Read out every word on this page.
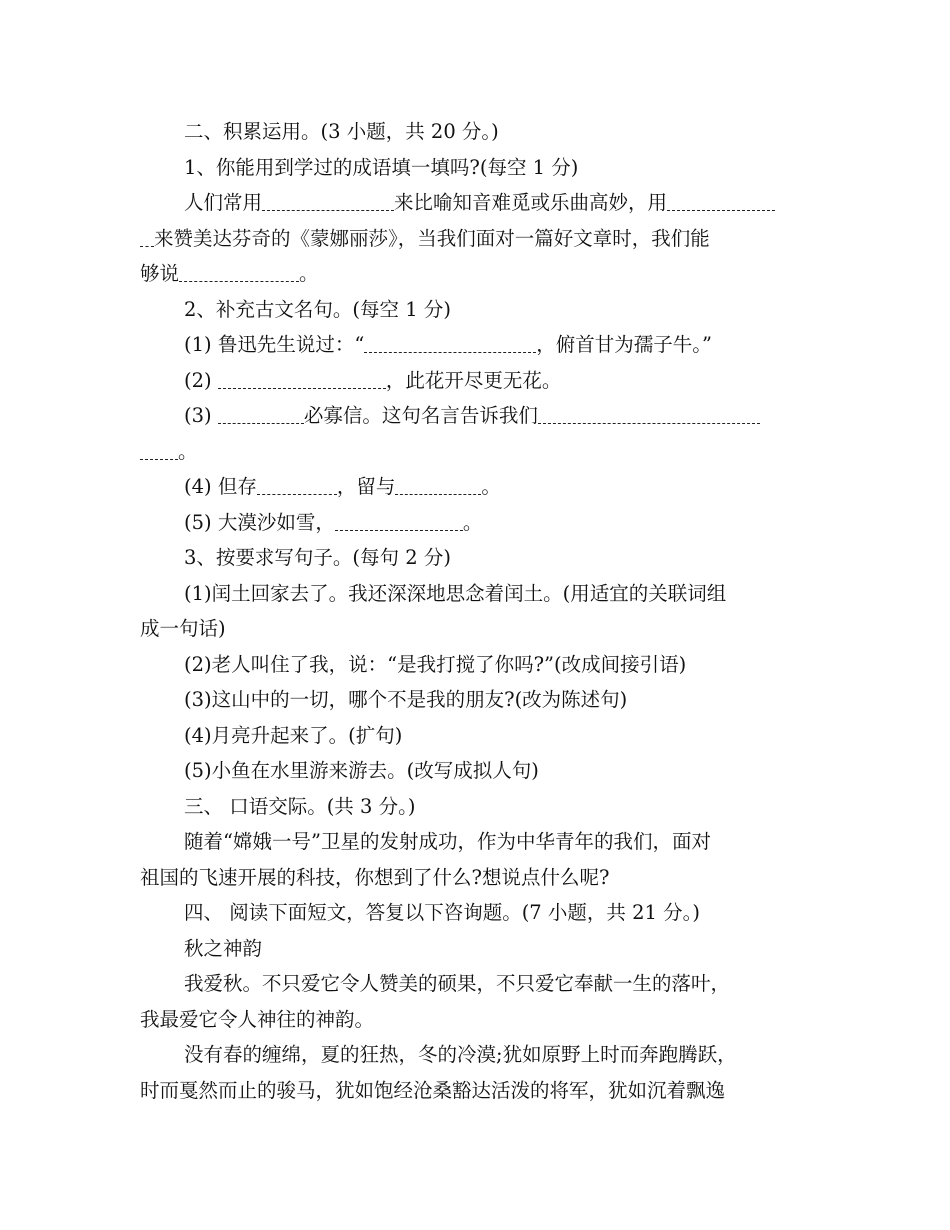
二、积累运用。(3 小题，共 20 分。)
1、你能用到学过的成语填一填吗?(每空 1 分)
人们常用	来比喻知音难觅或乐曲高妙，用
来赞美达芬奇的《蒙娜丽莎》，当我们面对一篇好文章时，我们能
够说	。
2、补充古文名句。(每空 1 分)
(1) 鲁迅先生说过：“	，俯首甘为孺子牛。”
(2)	，此花开尽更无花。
(3)	必寡信。这句名言告诉我们
。
(4) 但存	，留与	。
(5) 大漠沙如雪，	。
3、按要求写句子。(每句 2 分)
(1)闰土回家去了。我还深深地思念着闰土。(用适宜的关联词组
成一句话)
(2)老人叫住了我，说：“是我打搅了你吗?”(改成间接引语)
(3)这山中的一切，哪个不是我的朋友?(改为陈述句)
(4)月亮升起来了。(扩句)
(5)小鱼在水里游来游去。(改写成拟人句)
三、 口语交际。(共 3 分。)
随着“嫦娥一号”卫星的发射成功，作为中华青年的我们，面对
祖国的飞速开展的科技，你想到了什么?想说点什么呢?
四、 阅读下面短文，答复以下咨询题。(7 小题，共 21 分。)
秋之神韵
我爱秋。不只爱它令人赞美的硕果，不只爱它奉献一生的落叶，
我最爱它令人神往的神韵。
没有春的缠绵，夏的狂热，冬的冷漠;犹如原野上时而奔跑腾跃，
时而戛然而止的骏马，犹如饱经沧桑豁达活泼的将军，犹如沉着飘逸
